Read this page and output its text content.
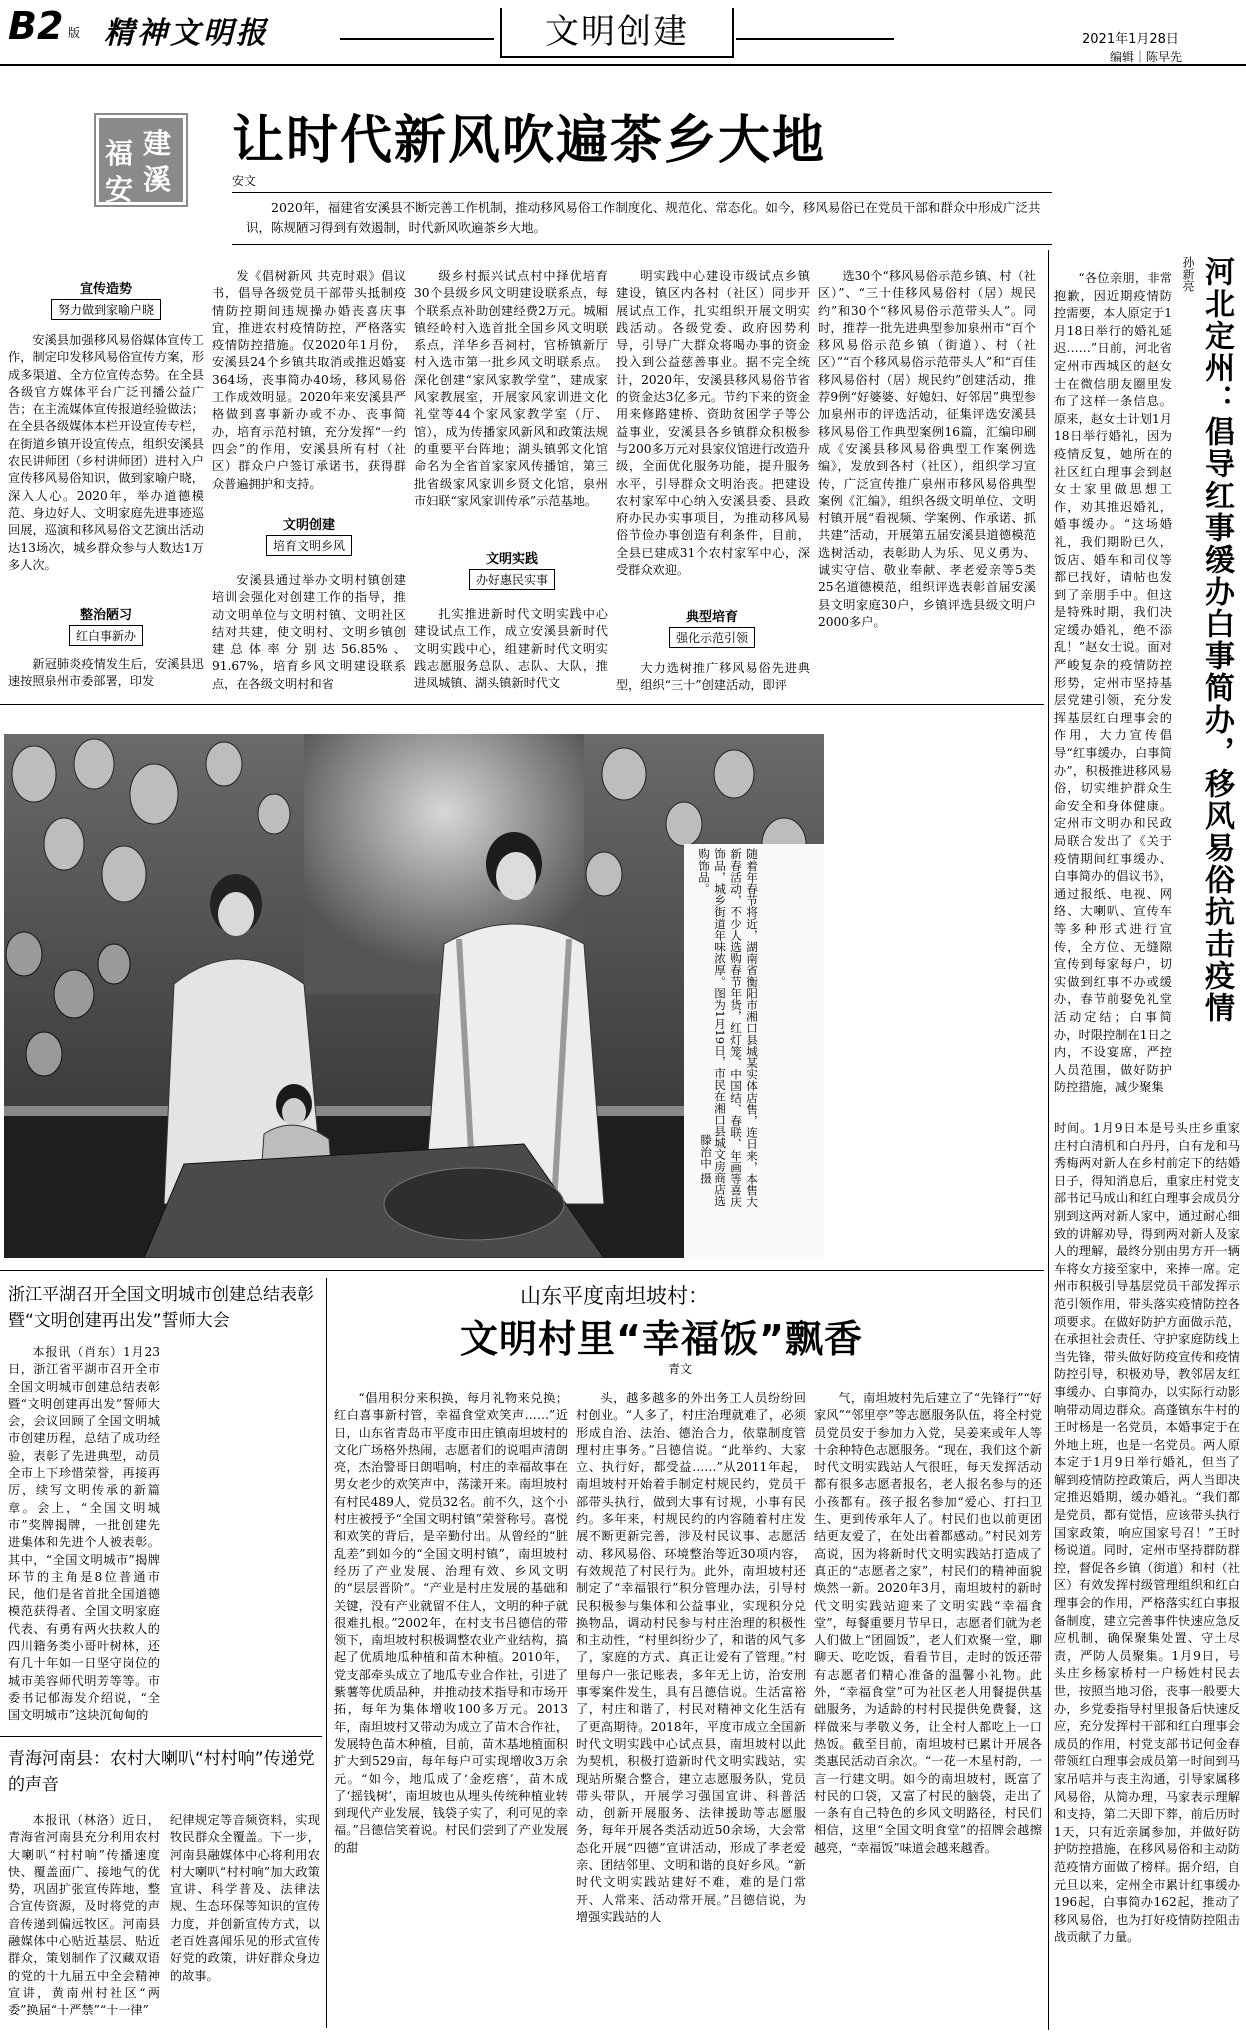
B2 版 精神文明报	文明创建	2021年1月28日
编辑｜陈早先
建
福
溪
安
让时代新风吹遍茶乡大地
安文
2020年，福建省安溪县不断完善工作机制，推动移风易俗工作制度化、规范化、常态化。如今，移风易俗已在党员干部和群众中形成广泛共识，陈规陋习得到有效遏制，时代新风吹遍茶乡大地。
宣传造势
努力做到家喻户晓

安溪县加强移风易俗媒体宣传工作，制定印发移风易俗宣传方案，形成多渠道、全方位宣传态势。在全县各级官方媒体平台广泛刊播公益广告；在主流媒体宣传报道经验做法；在全县各级媒体本栏开设宣传专栏，在街道乡镇开设宣传点，组织安溪县农民讲师团（乡村讲师团）进村入户宣传移风易俗知识，做到家喻户晓，深入人心。2020年，举办道德模范、身边好人、文明家庭先进事迹巡回展，巡演和移风易俗文艺演出活动达13场次，城乡群众参与人数达1万多人次。

整治陋习
红白事新办

新冠肺炎疫情发生后，安溪县迅速按照泉州市委部署，印发

发《倡树新风 共克时艰》倡议书，倡导各级党员干部带头抵制疫情防控期间违规操办婚丧喜庆事宜，推进农村疫情防控，严格落实疫情防控措施。仅2020年1月份，安溪县24个乡镇共取消或推迟婚宴364场，丧事简办40场，移风易俗工作成效明显。2020年来安溪县严格做到喜事新办或不办、丧事简办，培育示范村镇，充分发挥“一约四会”的作用，安溪县所有村（社区）群众户户签订承诺书，获得群众普遍拥护和支持。

文明创建
培育文明乡风

安溪县通过举办文明村镇创建培训会强化对创建工作的指导，推动文明单位与文明村镇、文明社区结对共建，使文明村、文明乡镇创建总体率分别达56.85%、91.67%，培育乡风文明建设联系点，在各级文明村和省

级乡村振兴试点村中择优培育30个县级乡风文明建设联系点，每个联系点补助创建经费2万元。城厢镇经岭村入选首批全国乡风文明联系点，洋华乡吾祠村，官桥镇新厅村入选市第一批乡风文明联系点。深化创建“家风家教学堂”，建成家风家教展室，开展家风家训进文化礼堂等44个家风家教学室（厅、馆），成为传播家风新风和政策法规的重要平台阵地；湖头镇郭文化馆命名为全省首家家风传播馆，第三批省级家风家训乡贤文化馆，泉州市妇联“家风家训传承”示范基地。

文明实践
办好惠民实事

扎实推进新时代文明实践中心建设试点工作，成立安溪县新时代文明实践中心，组建新时代文明实践志愿服务总队、志队、大队，推进凤城镇、湖头镇新时代文

明实践中心建设市级试点乡镇建设，镇区内各村（社区）同步开展试点工作，扎实组织开展文明实践活动。各级党委、政府因势利导，引导广大群众将喝办事的资金投入到公益慈善事业。据不完全统计，2020年，安溪县移风易俗节省的资金达3亿多元。节约下来的资金用来修路建桥、资助贫困学子等公益事业，安溪县各乡镇群众积极参与200多万元对县家仪馆进行改造升级，全面优化服务功能，提升服务水平，引导群众文明治丧。把建设农村家军中心纳入安溪县委、县政府办民办实事项目，为推动移风易俗节俭办事创造有利条件，目前，全县已建成31个农村家军中心，深受群众欢迎。

典型培育
强化示范引领

大力选树推广移风易俗先进典型，组织“三十”创建活动，即评

选30个“移风易俗示范乡镇、村（社区）”、“三十佳移风易俗村（居）规民约”和30个“移风易俗示范带头人”。同时，推荐一批先进典型参加泉州市“百个移风易俗示范乡镇（街道）、村（社区）”“百个移风易俗示范带头人”和“百佳移风易俗村（居）规民约”创建活动，推荐9例“好婆婆、好媳妇、好邻居”典型参加泉州市的评选活动，征集评选安溪县移风易俗工作典型案例16篇，汇编印刷成《安溪县移风易俗典型工作案例选编》，发放到各村（社区），组织学习宣传，广泛宣传推广泉州市移风易俗典型案例《汇编》，组织各级文明单位、文明村镇开展“看视频、学案例、作承诺、抓共建”活动，开展第五届安溪县道德模范选树活动，表彰助人为乐、见义勇为、诚实守信、敬业奉献、孝老爱亲等5类25名道德模范，组织评选表彰首届安溪县文明家庭30户，乡镇评选县级文明户2000多户。	河北定州：倡导红事缓办白事简办，移风易俗抗击疫情
孙新亮

“各位亲朋，非常抱歉，因近期疫情防控需要，本人原定于1月18日举行的婚礼延迟……”日前，河北省定州市西城区的赵女士在微信朋友圈里发布了这样一条信息。原来，赵女士计划1月18日举行婚礼，因为疫情反复，她所在的社区红白理事会到赵女士家里做思想工作，劝其推迟婚礼，婚事缓办。“这场婚礼，我们期盼已久，饭店、婚车和司仪等都已找好，请帖也发到了亲朋手中。但这是特殊时期，我们决定缓办婚礼，绝不添乱！”赵女士说。面对严峻复杂的疫情防控形势，定州市坚持基层党建引领，充分发挥基层红白理事会的作用，大力宣传倡导“红事缓办，白事简办”，积极推进移风易俗，切实维护群众生命安全和身体健康。定州市文明办和民政局联合发出了《关于疫情期间红事缓办、白事简办的倡议书》，通过报纸、电视、网络、大喇叭、宣传车等多种形式进行宣传，全方位、无缝隙宣传到每家每户，切实做到红事不办或缓办，春节前娶免礼堂活动定结；白事简办，时限控制在1日之内，不设宴席，严控人员范围，做好防护防控措施，减少聚集

时间。1月9日本是号头庄乡重家庄村白清机和白丹丹，白有龙和马秀梅两对新人在乡村前定下的结婚日子，得知消息后，重家庄村党支部书记马成山和红白理事会成员分别到这两对新人家中，通过耐心细致的讲解劝导，得到两对新人及家人的理解，最终分别由男方开一辆车将女方接至家中，来捧一席。定州市积极引导基层党员干部发挥示范引领作用，带头落实疫情防控各项要求。在做好防护方面做示范，在承担社会责任、守护家庭防线上当先锋，带头做好防疫宣传和疫情防控引导，积极劝导，教邻居友红事缓办、白事简办，以实际行动影响带动周边群众。高蓬镇东牛村的王时杨是一名党员，本婚事定于在外地上班，也是一名党员。两人原本定于1月9日举行婚礼，但当了解到疫情防控政策后，两人当即决定推迟婚期，缓办婚礼。“我们都是党员，都有觉悟，应该带头执行国家政策，响应国家号召！”王时杨说道。同时，定州市坚持群防群控，督促各乡镇（街道）和村（社区）有效发挥村级管理组织和红白理事会的作用，严格落实红白事报备制度，建立完善事件快速应急反应机制，确保聚集处置、守土尽责，严防人员聚集。1月9日，号头庄乡杨家桥村一户杨姓村民去世，按照当地习俗，丧事一般要大办，乡党委指导村里报备后快速反应，充分发挥村干部和红白理事会成员的作用，村党支部书记何金春带领红白理事会成员第一时间到马家吊唁并与丧主沟通，引导家属移风易俗，从简办理，马家表示理解和支持，第二天即下葬，前后历时1天，只有近亲属参加，并做好防护防控措施，在移风易俗和主动防范疫情方面做了榜样。据介绍，自元旦以来，定州全市累计红事缓办196起，白事简办162起，推动了移风易俗，也为打好疫情防控阻击战贡献了力量。

随着年春节将近，湖南省衡阳市湘口县城某实体店售，连日来，本售大新春活动，不少人选购春节年货，红灯笼、中国结、春联、年画等喜庆饰品，城乡街道年味浓厚。图为1月19日，市民在湘口县城文房商店选购饰品。
滕治中 摄
浙江平湖召开全国文明城市创建总结表彰暨“文明创建再出发”誓师大会

本报讯（肖东）1月23日，浙江省平湖市召开全市全国文明城市创建总结表彰暨“文明创建再出发”誓师大会，会议回顾了全国文明城市创建历程，总结了成功经验，表彰了先进典型，动员全市上下珍惜荣誉，再接再厉，续写文明传承的新篇章。会上，“全国文明城市”奖牌揭牌，一批创建先进集体和先进个人被表彰。其中，“全国文明城市”揭牌环节的主角是8位普通市民，他们是省首批全国道德模范获得者、全国文明家庭代表、有勇有两火扶救人的四川籍务类小哥叶树林，还有几十年如一日坚守岗位的城市美容师代明芳等等。市委书记郁海发介绍说，“全国文明城市”这块沉甸甸的

青海河南县：农村大喇叭“村村响”传递党的声音

本报讯（林洛）近日，青海省河南县充分利用农村大喇叭“村村响”传播速度快、覆盖面广、接地气的优势，巩固扩张宣传阵地，整合宣传资源，及时将党的声音传递到偏远牧区。河南县融媒体中心贴近基层、贴近群众，策划制作了汉藏双语的党的十九届五中全会精神宣讲，黄南州村社区“两委”换届“十严禁”“十一律”

纪律规定等音频资料，实现牧民群众全覆盖。下一步，河南县融媒体中心将利用农村大喇叭“村村响”加大政策宣讲、科学普及、法律法规、生态环保等知识的宣传力度，并创新宣传方式，以老百姓喜闻乐见的形式宣传好党的政策，讲好群众身边的故事。

山东平度南坦坡村：
文明村里“幸福饭”飘香
青文

“倡用积分来积换，每月礼物来兑换；红白喜事新村管，幸福食堂欢笑声……”近日，山东省青岛市平度市田庄镇南坦坡村的文化广场格外热闹，志愿者们的说唱声清朗亮，杰治警哥日朗唱响，村庄的幸福故事在男女老少的欢笑声中，荡漾开来。南坦坡村有村民489人，党员32名。前不久，这个小村庄被授予“全国文明村镇”荣誉称号。喜悦和欢笑的背后，是辛勤付出。从曾经的“脏乱差”到如今的“全国文明村镇”，南坦坡村经历了产业发展、治理有效、乡风文明的“层层晋阶”。“产业是村庄发展的基础和关键，没有产业就留不住人，文明的种子就很难扎根。”2002年，在村支书吕德信的带领下，南坦坡村积极调整农业产业结构，搞起了优质地瓜种植和苗木种植。2010年，党支部牵头成立了地瓜专业合作社，引进了紫薯等优质品种，并推动技术指导和市场开拓，每年为集体增收100多万元。2013年，南坦坡村又带动为成立了苗木合作社，发展特色苗木种植，目前，苗木基地植面积扩大到529亩，每年每户可实现增收3万余元。“如今，地瓜成了‘金疙瘩’，苗木成了‘摇钱树’，南坦坡也从埋头传统种植业转到现代产业发展，钱袋子实了，利可见的幸福。”吕德信笑着说。村民们尝到了产业发展的甜

头，越多越多的外出务工人员纷纷回村创业。“人多了，村庄治理就难了，必须形成自治、法治、德治合力，依靠制度管理村庄事务。”吕德信说。“此举约、大家立、执行好，都受益……”从2011年起，南坦坡村开始着手制定村规民约，党员干部带头执行，做到大事有讨规，小事有民约。多年来，村规民约的内容随着村庄发展不断更新完善，涉及村民议事、志愿活动、移风易俗、环境整治等近30项内容，有效规范了村民行为。此外，南坦坡村还制定了“幸福银行”积分管理办法，引导村民积极参与集体和公益事业，实现积分兑换物品，调动村民参与村庄治理的积极性和主动性，“村里纠纷少了，和谐的风气多了，家庭的方式、真正让爱有了管理。”村里每户一张记账表，多年无上访，治安刑事零案件发生，具有吕德信说。生活富裕了，村庄和谐了，村民对精神文化生活有了更高期待。2018年，平度市成立全国新时代文明实践中心试点县，南坦坡村以此为契机，积极打造新时代文明实践站，实现站所聚合整合，建立志愿服务队，党员带头带队，开展学习强国宣讲、科普活动，创新开展服务、法律援助等志愿服务，每年开展各类活动近50余场，大会常态化开展“四德”宣讲活动，形成了孝老爱亲、团结邻里、文明和谐的良好乡风。“新时代文明实践站建好不难，难的是门常开、人常来、活动常开展。”吕德信说，为增强实践站的人

气，南坦坡村先后建立了“先锋行”“好家风”“邻里亭”等志愿服务队伍，将全村党员党员安于参加力入党，吴姜来或年人等十余种特色志愿服务。“现在，我们这个新时代文明实践站人气很旺，每天发挥活动都有很多志愿者报名，老人报名参与的还小孩都有。孩子报名参加“爱心、打扫卫生、更到传承年人了。村民们也以前更团结更友爱了，在处出着都感动。”村民刘芳高说，因为将新时代文明实践站打造成了真正的“志愿者之家”，村民们的精神面貌焕然一新。2020年3月，南坦坡村的新时代文明实践站迎来了文明实践“幸福食堂”，每餐重要月节早日，志愿者们就为老人们做上“团圆饭”，老人们欢聚一堂，聊聊天、吃吃饭，看看节目，走时的饭还带有志愿者们精心准备的温馨小礼物。此外，“幸福食堂”可为社区老人用餐提供基础服务，为适龄的村村民提供免费餐，这样做来与孝敬义务，让全村人都吃上一口热饭。截至目前，南坦坡村已累计开展各类惠民活动百余次。“一花一木星村韵，一言一行建文明。如今的南坦坡村，既富了村民的口袋，又富了村民的脑袋，走出了一条有自己特色的乡风文明路径，村民们相信，这里“全国文明食堂”的招牌会越擦越亮，“幸福饭”味道会越来越香。
